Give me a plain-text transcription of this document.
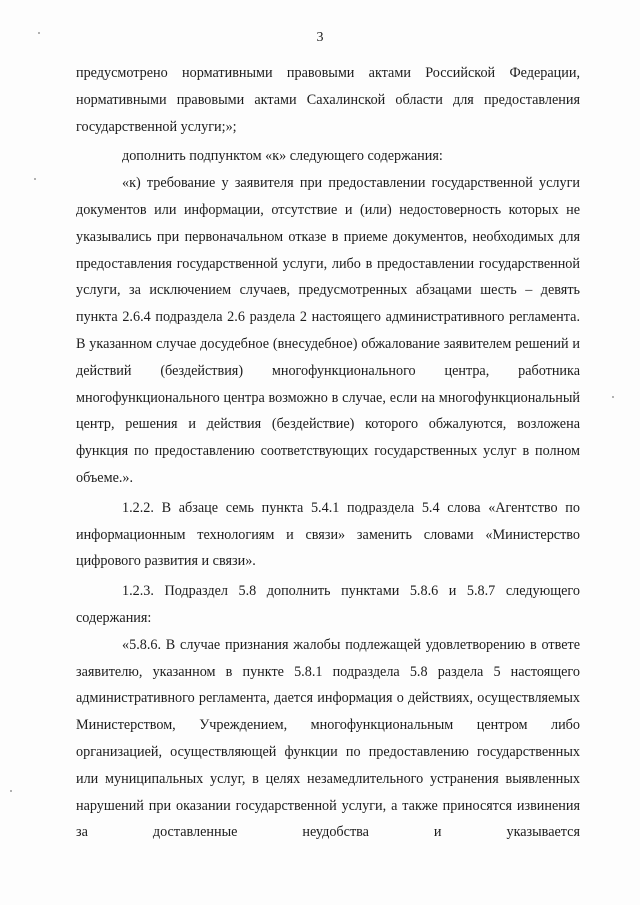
3

предусмотрено нормативными правовыми актами Российской Федерации, нормативными правовыми актами Сахалинской области для предоставления государственной услуги;»;

дополнить подпунктом «к» следующего содержания:

«к) требование у заявителя при предоставлении государственной услуги документов или информации, отсутствие и (или) недостоверность которых не указывались при первоначальном отказе в приеме документов, необходимых для предоставления государственной услуги, либо в предоставлении государственной услуги, за исключением случаев, предусмотренных абзацами шесть – девять пункта 2.6.4 подраздела 2.6 раздела 2 настоящего административного регламента. В указанном случае досудебное (внесудебное) обжалование заявителем решений и действий (бездействия) многофункционального центра, работника многофункционального центра возможно в случае, если на многофункциональный центр, решения и действия (бездействие) которого обжалуются, возложена функция по предоставлению соответствующих государственных услуг в полном объеме.».

1.2.2. В абзаце семь пункта 5.4.1 подраздела 5.4 слова «Агентство по информационным технологиям и связи» заменить словами «Министерство цифрового развития и связи».

1.2.3. Подраздел 5.8 дополнить пунктами 5.8.6 и 5.8.7 следующего содержания:

«5.8.6. В случае признания жалобы подлежащей удовлетворению в ответе заявителю, указанном в пункте 5.8.1 подраздела 5.8 раздела 5 настоящего административного регламента, дается информация о действиях, осуществляемых Министерством, Учреждением, многофункциональным центром либо организацией, осуществляющей функции по предоставлению государственных или муниципальных услуг, в целях незамедлительного устранения выявленных нарушений при оказании государственной услуги, а также приносятся извинения за доставленные неудобства и указывается
